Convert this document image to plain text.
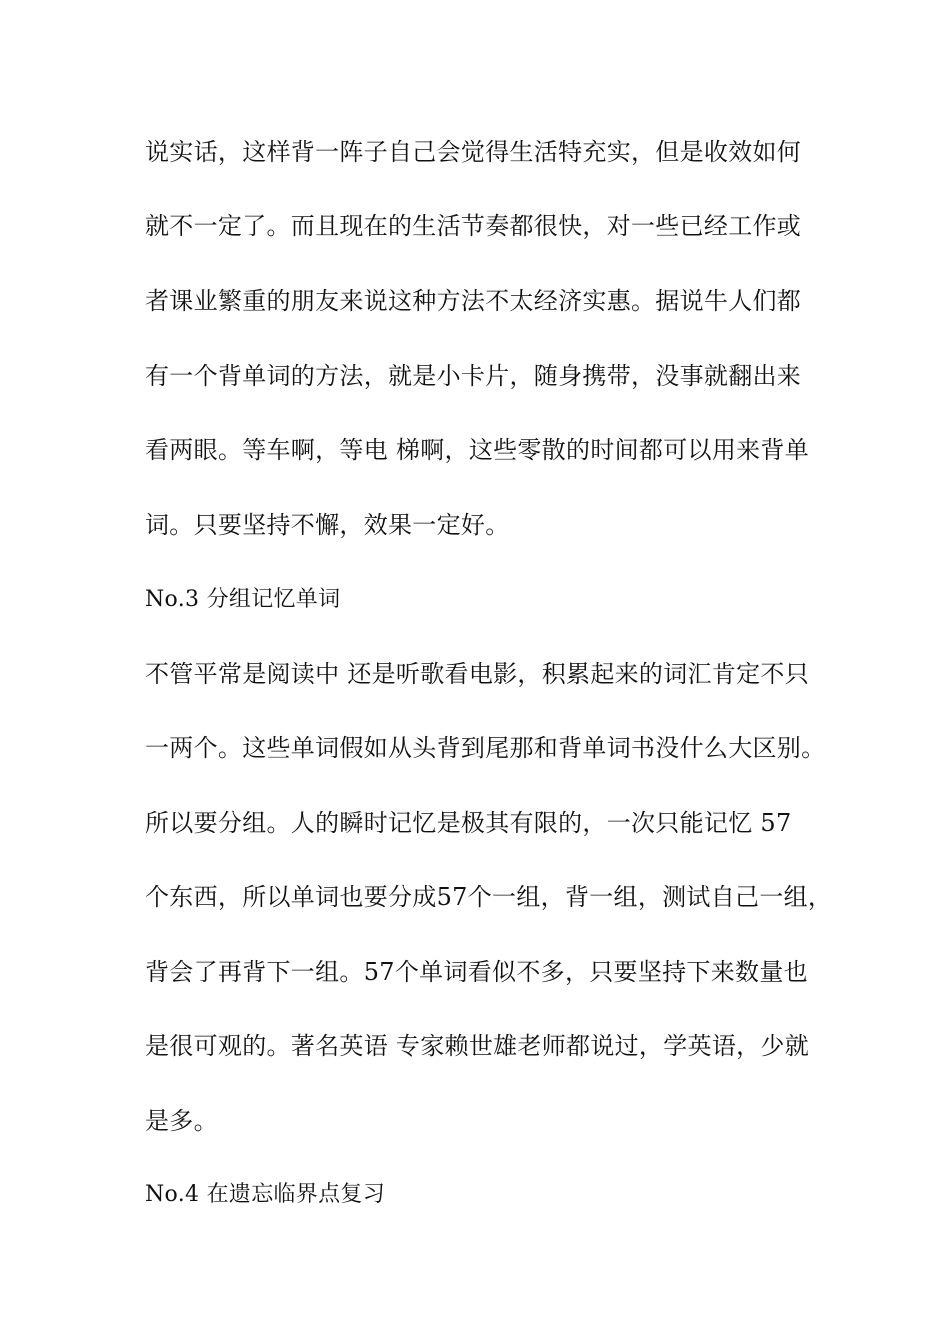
说实话，这样背一阵子自己会觉得生活特充实，但是收效如何
就不一定了。而且现在的生活节奏都很快，对一些已经工作或
者课业繁重的朋友来说这种方法不太经济实惠。据说牛人们都
有一个背单词的方法，就是小卡片，随身携带，没事就翻出来
看两眼。等车啊，等电 梯啊，这些零散的时间都可以用来背单
词。只要坚持不懈，效果一定好。
No.3 分组记忆单词
不管平常是阅读中 还是听歌看电影，积累起来的词汇肯定不只
一两个。这些单词假如从头背到尾那和背单词书没什么大区别。
所以要分组。人的瞬时记忆是极其有限的，一次只能记忆 57
个东西，所以单词也要分成57个一组，背一组，测试自己一组，
背会了再背下一组。57个单词看似不多，只要坚持下来数量也
是很可观的。著名英语 专家赖世雄老师都说过，学英语，少就
是多。
No.4 在遗忘临界点复习
